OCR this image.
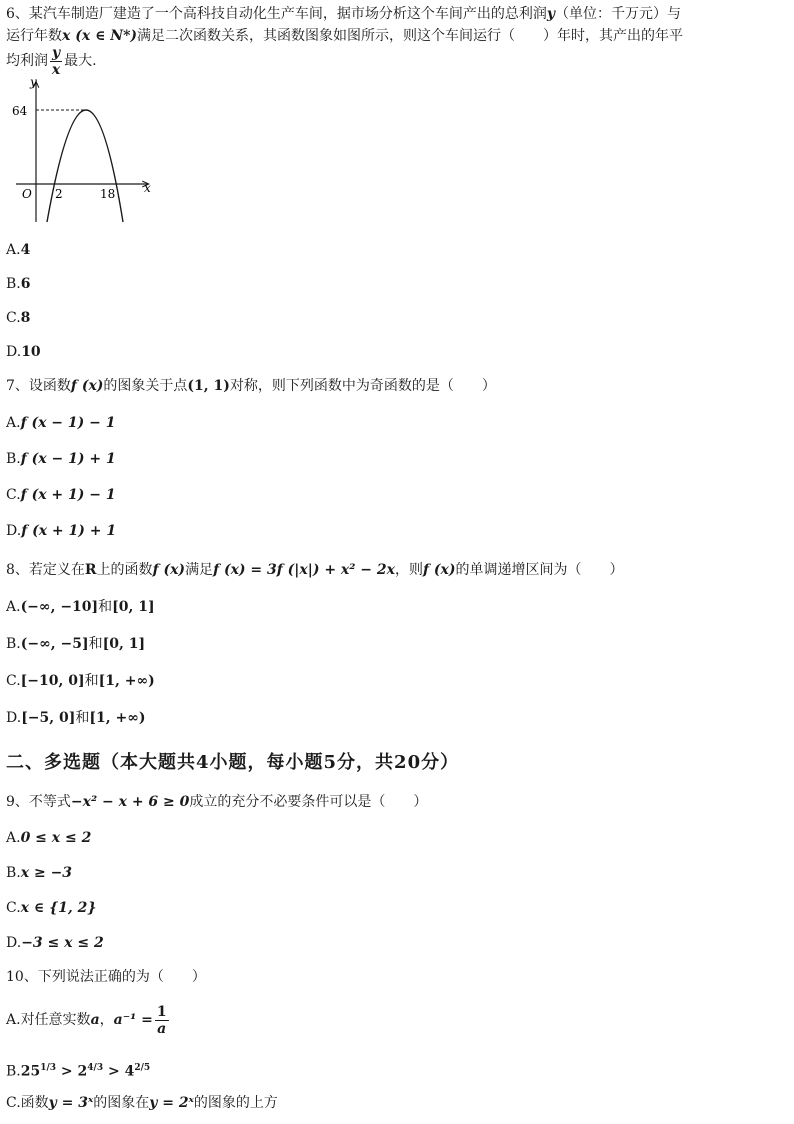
6、某汽车制造厂建造了一个高科技自动化生产车间，据市场分析这个车间产出的总利润y（单位：千万元）与
运行年数x (x ∈ N*)满足二次函数关系，其函数图象如图所示，则这个车间运行（　　）年时，其产出的年平
均利润 $\frac{y}{x}$ 最大.
y
x
O
64
2	18
A.4
B.6
C.8
D.10
7、设函数f (x)的图象关于点(1, 1)对称，则下列函数中为奇函数的是（　　）
A.f (x − 1) − 1
B.f (x − 1) + 1
C.f (x + 1) − 1
D.f (x + 1) + 1
8、若定义在R上的函数f (x)满足f (x) = 3f (|x|) + x² − 2x，则f (x)的单调递增区间为（　　）
A.(−∞, −10]和[0, 1]
B.(−∞, −5]和[0, 1]
C.[−10, 0]和[1, +∞)
D.[−5, 0]和[1, +∞)
二、多选题（本大题共4小题，每小题5分，共20分）
9、不等式−x² − x + 6 ≥ 0成立的充分不必要条件可以是（　　）
A.0 ≤ x ≤ 2
B.x ≥ −3
C.x ∈ {1, 2}
D.−3 ≤ x ≤ 2
10、下列说法正确的为（　　）
A.对任意实数a，$a^{-1} = \frac{1}{a}$
$B.25^{1/3} > 2^{4/3} > 4^{2/5}$
C.函数y = 3ˣ的图象在y = 2ˣ的图象的上方
